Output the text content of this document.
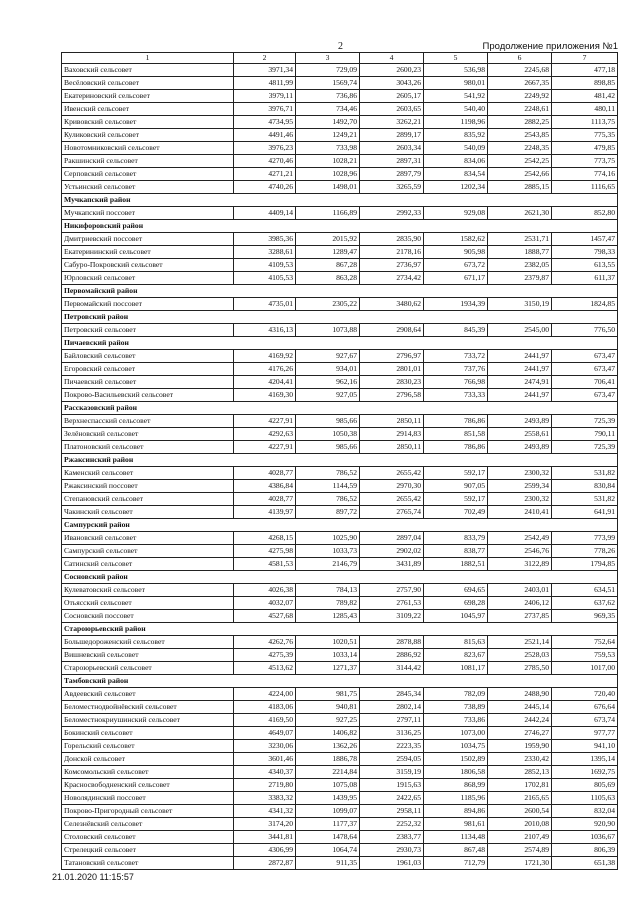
2	Продолжение приложения №1
1	2	3	4	5	6	7
Ваховский сельсовет	3971,34	729,09	2600,23	536,98	2245,68	477,18
Весёловский сельсовет	4811,99	1569,74	3043,26	980,01	2667,35	898,85
Екатериновский сельсовет	3979,11	736,86	2605,17	541,92	2249,92	481,42
Ивенский сельсовет	3976,71	734,46	2603,65	540,40	2248,61	480,11
Кривовский сельсовет	4734,95	1492,70	3262,21	1198,96	2882,25	1113,75
Куликовский сельсовет	4491,46	1249,21	2899,17	835,92	2543,85	775,35
Новотомниковский сельсовет	3976,23	733,98	2603,34	540,09	2248,35	479,85
Ракшинский сельсовет	4270,46	1028,21	2897,31	834,06	2542,25	773,75
Серповский сельсовет	4271,21	1028,96	2897,79	834,54	2542,66	774,16
Устьинский сельсовет	4740,26	1498,01	3265,59	1202,34	2885,15	1116,65
Мучкапский район						
Мучкапский поссовет	4409,14	1166,89	2992,33	929,08	2621,30	852,80
Никифоровский район						
Дмитриевский поссовет	3985,36	2015,92	2835,90	1582,62	2531,71	1457,47
Екатерининский сельсовет	3288,61	1289,47	2178,16	905,98	1888,77	798,33
Сабуро-Покровский сельсовет	4109,53	867,28	2736,97	673,72	2382,05	613,55
Юрловский сельсовет	4105,53	863,28	2734,42	671,17	2379,87	611,37
Первомайский район						
Первомайский поссовет	4735,01	2305,22	3480,62	1934,39	3150,19	1824,85
Петровский район						
Петровский сельсовет	4316,13	1073,88	2908,64	845,39	2545,00	776,50
Пичаевский район						
Байловский сельсовет	4169,92	927,67	2796,97	733,72	2441,97	673,47
Егоровский сельсовет	4176,26	934,01	2801,01	737,76	2441,97	673,47
Пичаевский сельсовет	4204,41	962,16	2830,23	766,98	2474,91	706,41
Покрово-Васильевский сельсовет	4169,30	927,05	2796,58	733,33	2441,97	673,47
Рассказовский район						
Верхнеспасский сельсовет	4227,91	985,66	2850,11	786,86	2493,89	725,39
Зелёновский сельсовет	4292,63	1050,38	2914,83	851,58	2558,61	790,11
Платоновский сельсовет	4227,91	985,66	2850,11	786,86	2493,89	725,39
Ржаксинский район						
Каменский сельсовет	4028,77	786,52	2655,42	592,17	2300,32	531,82
Ржаксинский поссовет	4386,84	1144,59	2970,30	907,05	2599,34	830,84
Степановский сельсовет	4028,77	786,52	2655,42	592,17	2300,32	531,82
Чакинский сельсовет	4139,97	897,72	2765,74	702,49	2410,41	641,91
Сампурский район						
Ивановский сельсовет	4268,15	1025,90	2897,04	833,79	2542,49	773,99
Сампурский сельсовет	4275,98	1033,73	2902,02	838,77	2546,76	778,26
Сатинский сельсовет	4581,53	2146,79	3431,89	1882,51	3122,89	1794,85
Сосновский район						
Кулеватовский сельсовет	4026,38	784,13	2757,90	694,65	2403,01	634,51
Отьясский сельсовет	4032,07	789,82	2761,53	698,28	2406,12	637,62
Сосновский поссовет	4527,68	1285,43	3109,22	1045,97	2737,85	969,35
Староюрьевский район						
Большедороженский сельсовет	4262,76	1020,51	2878,88	815,63	2521,14	752,64
Вишневский сельсовет	4275,39	1033,14	2886,92	823,67	2528,03	759,53
Староюрьевский сельсовет	4513,62	1271,37	3144,42	1081,17	2785,50	1017,00
Тамбовский район						
Авдеевский сельсовет	4224,00	981,75	2845,34	782,09	2488,90	720,40
Беломестнодвойнёвский сельсовет	4183,06	940,81	2802,14	738,89	2445,14	676,64
Беломестнокриушинский сельсовет	4169,50	927,25	2797,11	733,86	2442,24	673,74
Бокинский сельсовет	4649,07	1406,82	3136,25	1073,00	2746,27	977,77
Горельский сельсовет	3230,06	1362,26	2223,35	1034,75	1959,90	941,10
Донской сельсовет	3601,46	1886,78	2594,05	1502,89	2330,42	1395,14
Комсомольский сельсовет	4340,37	2214,84	3159,19	1806,58	2852,13	1692,75
Красносвободненский сельсовет	2719,80	1075,08	1915,63	868,99	1702,81	805,69
Новолядинский поссовет	3383,32	1439,95	2422,65	1185,96	2165,65	1105,63
Покрово-Пригородный сельсовет	4341,32	1099,07	2958,11	894,86	2600,54	832,04
Селезнёвский сельсовет	3174,20	1177,37	2252,32	981,61	2010,08	920,90
Столовский сельсовет	3441,81	1478,64	2383,77	1134,48	2107,49	1036,67
Стрелецкий сельсовет	4306,99	1064,74	2930,73	867,48	2574,89	806,39
Татановский сельсовет	2872,87	911,35	1961,03	712,79	1721,30	651,38
21.01.2020 11:15:57
